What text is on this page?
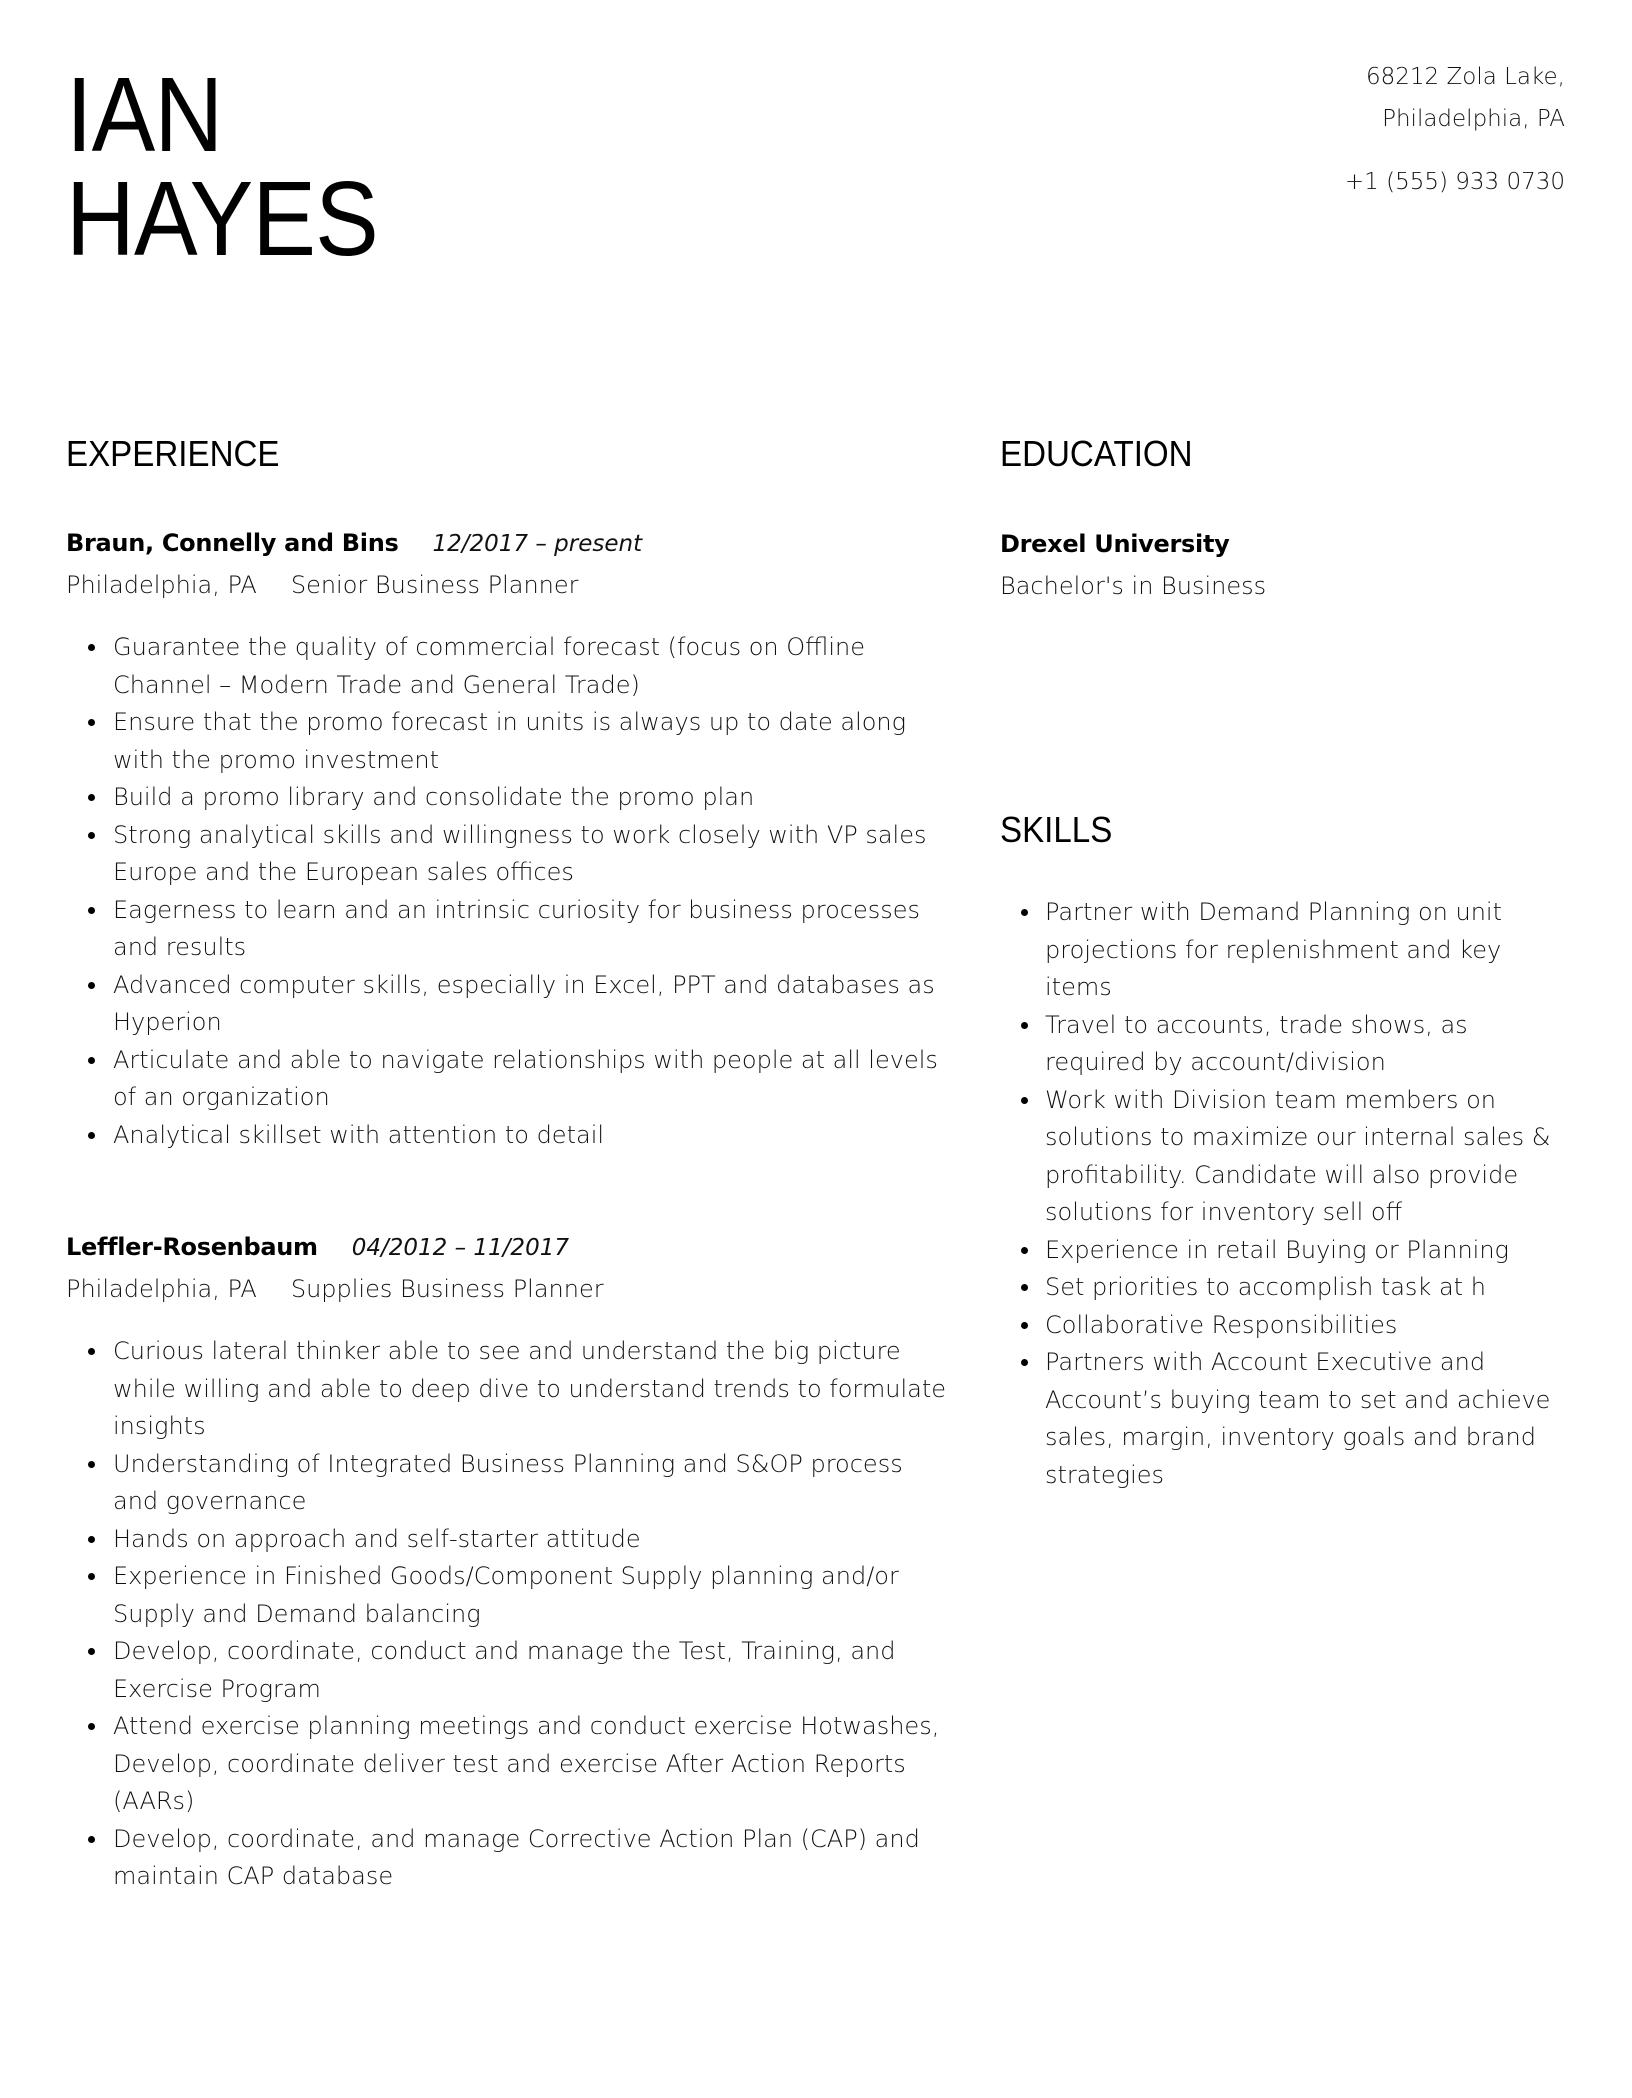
IAN
HAYES
68212 Zola Lake,
Philadelphia, PA
+1 (555) 933 0730
EXPERIENCE	EDUCATION
SKILLS
Braun, Connelly and Bins 12/2017 – present
Philadelphia, PA Senior Business Planner
Guarantee the quality of commercial forecast (focus on Offline Channel – Modern Trade and General Trade)
Ensure that the promo forecast in units is always up to date along with the promo investment
Build a promo library and consolidate the promo plan
Strong analytical skills and willingness to work closely with VP sales Europe and the European sales offices
Eagerness to learn and an intrinsic curiosity for business processes and results
Advanced computer skills, especially in Excel, PPT and databases as Hyperion
Articulate and able to navigate relationships with people at all levels of an organization
Analytical skillset with attention to detail
Leffler-Rosenbaum 04/2012 – 11/2017
Philadelphia, PA Supplies Business Planner
Curious lateral thinker able to see and understand the big picture while willing and able to deep dive to understand trends to formulate insights
Understanding of Integrated Business Planning and S&OP process and governance
Hands on approach and self-starter attitude
Experience in Finished Goods/Component Supply planning and/or Supply and Demand balancing
Develop, coordinate, conduct and manage the Test, Training, and Exercise Program
Attend exercise planning meetings and conduct exercise Hotwashes, Develop, coordinate deliver test and exercise After Action Reports (AARs)
Develop, coordinate, and manage Corrective Action Plan (CAP) and maintain CAP database
Drexel University
Bachelor's in Business
Partner with Demand Planning on unit projections for replenishment and key items
Travel to accounts, trade shows, as required by account/division
Work with Division team members on solutions to maximize our internal sales & profitability. Candidate will also provide solutions for inventory sell off
Experience in retail Buying or Planning
Set priorities to accomplish task at h
Collaborative Responsibilities
Partners with Account Executive and Account’s buying team to set and achieve sales, margin, inventory goals and brand strategies
